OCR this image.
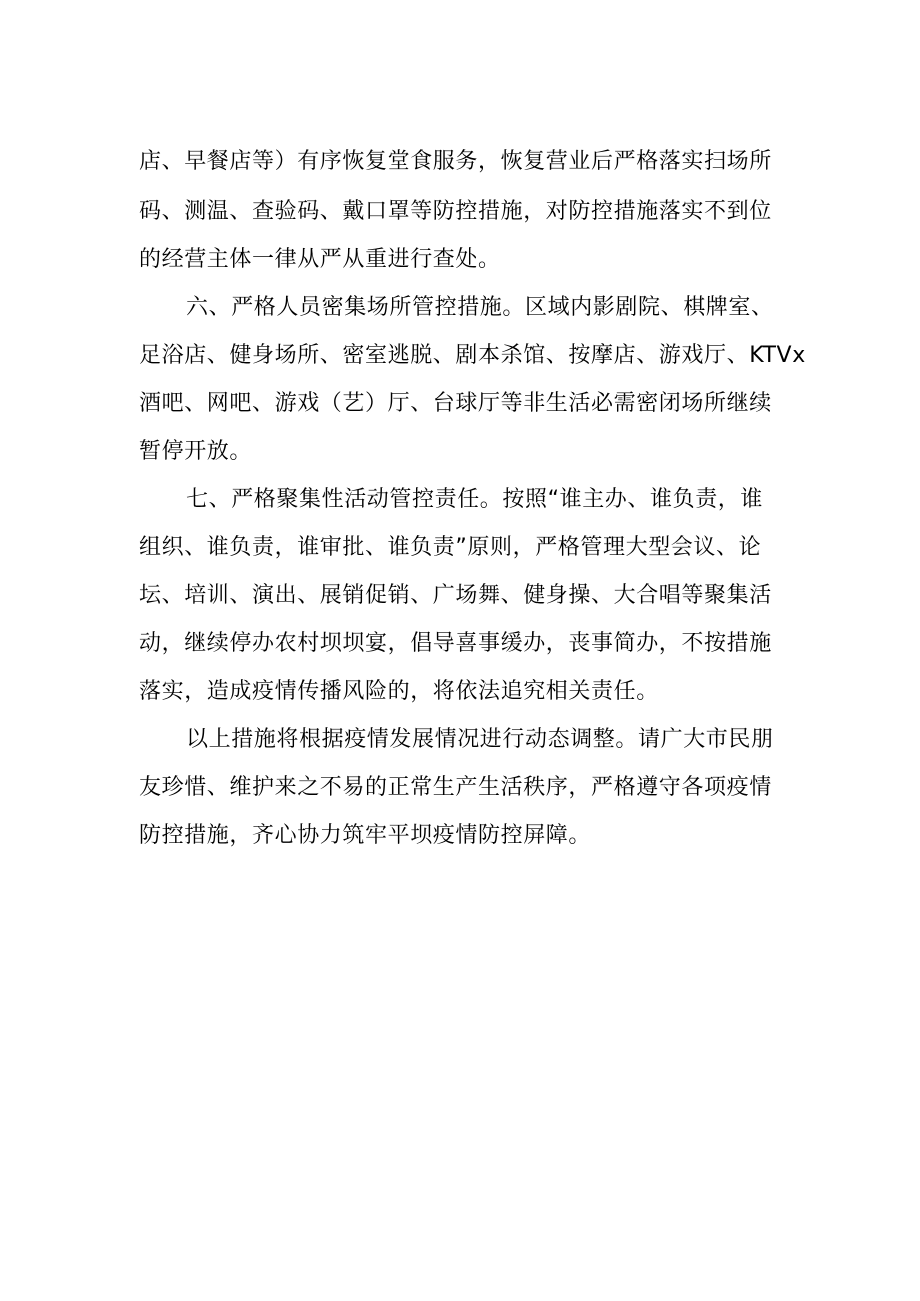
店、早餐店等）有序恢复堂食服务，恢复营业后严格落实扫场所
码、测温、查验码、戴口罩等防控措施，对防控措施落实不到位
的经营主体一律从严从重进行查处。
六、严格人员密集场所管控措施。区域内影剧院、棋牌室、
足浴店、健身场所、密室逃脱、剧本杀馆、按摩店、游戏厅、KTVx
酒吧、网吧、游戏（艺）厅、台球厅等非生活必需密闭场所继续
暂停开放。
七、严格聚集性活动管控责任。按照“谁主办、谁负责，谁
组织、谁负责，谁审批、谁负责”原则，严格管理大型会议、论
坛、培训、演出、展销促销、广场舞、健身操、大合唱等聚集活
动，继续停办农村坝坝宴，倡导喜事缓办，丧事简办，不按措施
落实，造成疫情传播风险的，将依法追究相关责任。
以上措施将根据疫情发展情况进行动态调整。请广大市民朋
友珍惜、维护来之不易的正常生产生活秩序，严格遵守各项疫情
防控措施，齐心协力筑牢平坝疫情防控屏障。
